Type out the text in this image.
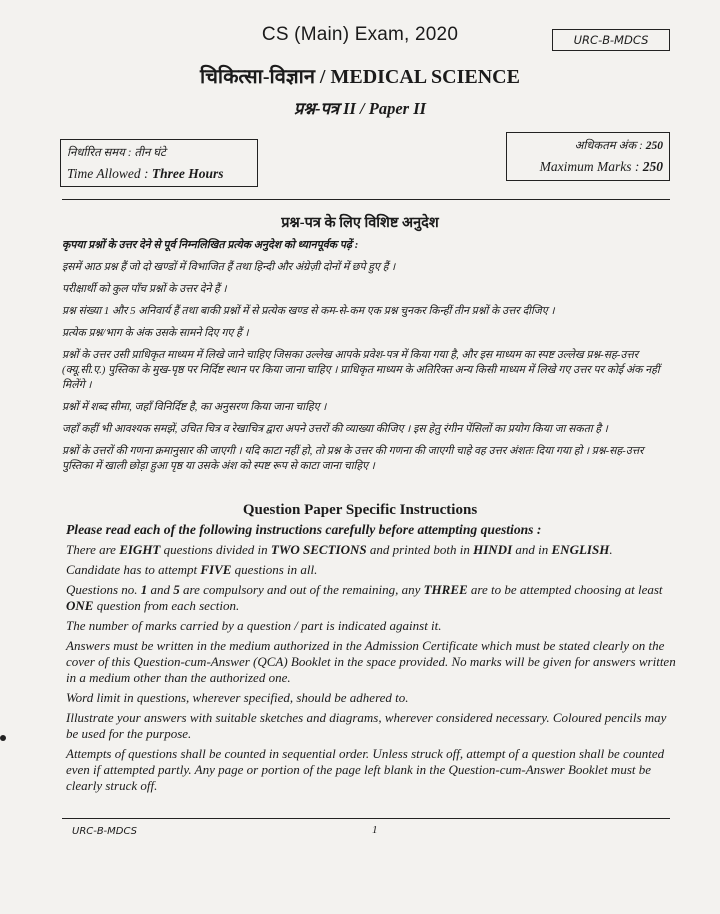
CS (Main) Exam, 2020	URC-B-MDCS
चिकित्सा-विज्ञान / MEDICAL SCIENCE
प्रश्न-पत्र II / Paper II
निर्धारित समय : तीन घंटे
Time Allowed : Three Hours
अधिकतम अंक : 250
Maximum Marks : 250
प्रश्न-पत्र के लिए विशिष्ट अनुदेश

कृपया प्रश्नों के उत्तर देने से पूर्व निम्नलिखित प्रत्येक अनुदेश को ध्यानपूर्वक पढ़ें :

इसमें आठ प्रश्न हैं जो दो खण्डों में विभाजित हैं तथा हिन्दी और अंग्रेज़ी दोनों में छपे हुए हैं ।

परीक्षार्थी को कुल पाँच प्रश्नों के उत्तर देने हैं ।

प्रश्न संख्या 1 और 5 अनिवार्य हैं तथा बाकी प्रश्नों में से प्रत्येक खण्ड से कम-से-कम एक प्रश्न चुनकर किन्हीं तीन प्रश्नों के उत्तर दीजिए ।

प्रत्येक प्रश्न/भाग के अंक उसके सामने दिए गए हैं ।

प्रश्नों के उत्तर उसी प्राधिकृत माध्यम में लिखे जाने चाहिए जिसका उल्लेख आपके प्रवेश-पत्र में किया गया है, और इस माध्यम का स्पष्ट उल्लेख प्रश्न-सह-उत्तर (क्यू.सी.ए.) पुस्तिका के मुख-पृष्ठ पर निर्दिष्ट स्थान पर किया जाना चाहिए । प्राधिकृत माध्यम के अतिरिक्त अन्य किसी माध्यम में लिखे गए उत्तर पर कोई अंक नहीं मिलेंगे ।

प्रश्नों में शब्द सीमा, जहाँ विनिर्दिष्ट है, का अनुसरण किया जाना चाहिए ।

जहाँ कहीं भी आवश्यक समझें, उचित चित्र व रेखाचित्र द्वारा अपने उत्तरों की व्याख्या कीजिए । इस हेतु रंगीन पेंसिलों का प्रयोग किया जा सकता है ।

प्रश्नों के उत्तरों की गणना क्रमानुसार की जाएगी । यदि काटा नहीं हो, तो प्रश्न के उत्तर की गणना की जाएगी चाहे वह उत्तर अंशतः दिया गया हो । प्रश्न-सह-उत्तर पुस्तिका में खाली छोड़ा हुआ पृष्ठ या उसके अंश को स्पष्ट रूप से काटा जाना चाहिए ।

Question Paper Specific Instructions

Please read each of the following instructions carefully before attempting questions :

There are EIGHT questions divided in TWO SECTIONS and printed both in HINDI and in ENGLISH.

Candidate has to attempt FIVE questions in all.

Questions no. 1 and 5 are compulsory and out of the remaining, any THREE are to be attempted choosing at least ONE question from each section.

The number of marks carried by a question / part is indicated against it.

Answers must be written in the medium authorized in the Admission Certificate which must be stated clearly on the cover of this Question-cum-Answer (QCA) Booklet in the space provided. No marks will be given for answers written in a medium other than the authorized one.

Word limit in questions, wherever specified, should be adhered to.

Illustrate your answers with suitable sketches and diagrams, wherever considered necessary. Coloured pencils may be used for the purpose.

Attempts of questions shall be counted in sequential order. Unless struck off, attempt of a question shall be counted even if attempted partly. Any page or portion of the page left blank in the Question-cum-Answer Booklet must be clearly struck off.

URC-B-MDCS	1
